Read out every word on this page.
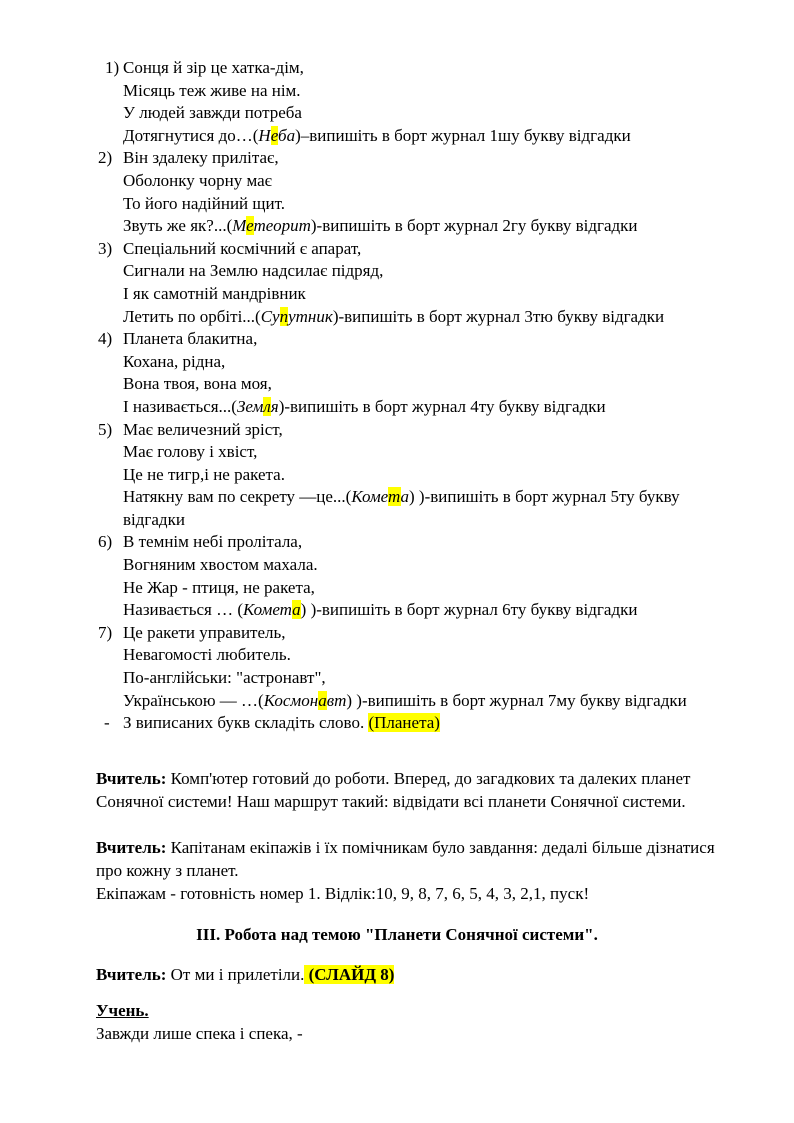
1) Сонця й зір це хатка-дім,
Місяць теж живе на нім.
У людей завжди потреба
Дотягнутися до…(Неба)–випишіть в борт журнал 1шу букву відгадки
2) Він здалеку прилітає,
Оболонку чорну має
То його надійний щит.
Звуть же як?...(Метеорит)-випишіть в борт журнал 2гу букву відгадки
3) Спеціальний космічний є апарат,
Сигнали на Землю надсилає підряд,
І як самотній мандрівник
Летить по орбіті...(Супутник)-випишіть в борт журнал 3тю букву відгадки
4) Планета блакитна,
Кохана, рідна,
Вона твоя, вона моя,
І називається...(Земля)-випишіть в борт журнал 4ту букву відгадки
5) Має величезний зріст,
Має голову і хвіст,
Це не тигр,і не ракета.
Натякну вам по секрету —це...(Комета) )-випишіть в борт журнал 5ту букву відгадки
6) В темнім небі пролітала,
Вогняним хвостом махала.
Не Жар - птиця, не ракета,
Називається … (Комета) )-випишіть в борт журнал 6ту букву відгадки
7) Це ракети управитель,
Невагомості любитель.
По-англійськи: "астронавт",
Українською — …(Космонавт) )-випишіть в борт журнал 7му букву відгадки
- З виписаних букв складіть слово. (Планета)
Вчитель: Комп'ютер готовий до роботи. Вперед, до загадкових та далеких планет Сонячної системи! Наш маршрут такий: відвідати всі планети Сонячної системи.
Вчитель: Капітанам екіпажів і їх помічникам було завдання: дедалі більше дізнатися про кожну з планет.
Екіпажам - готовність номер 1. Відлік:10, 9, 8, 7, 6, 5, 4, 3, 2,1, пуск!
ІІІ. Робота над темою "Планети Сонячної системи".
Вчитель: От ми і прилетіли. (СЛАЙД 8)
Учень.
Завжди лише спека і спека, -
